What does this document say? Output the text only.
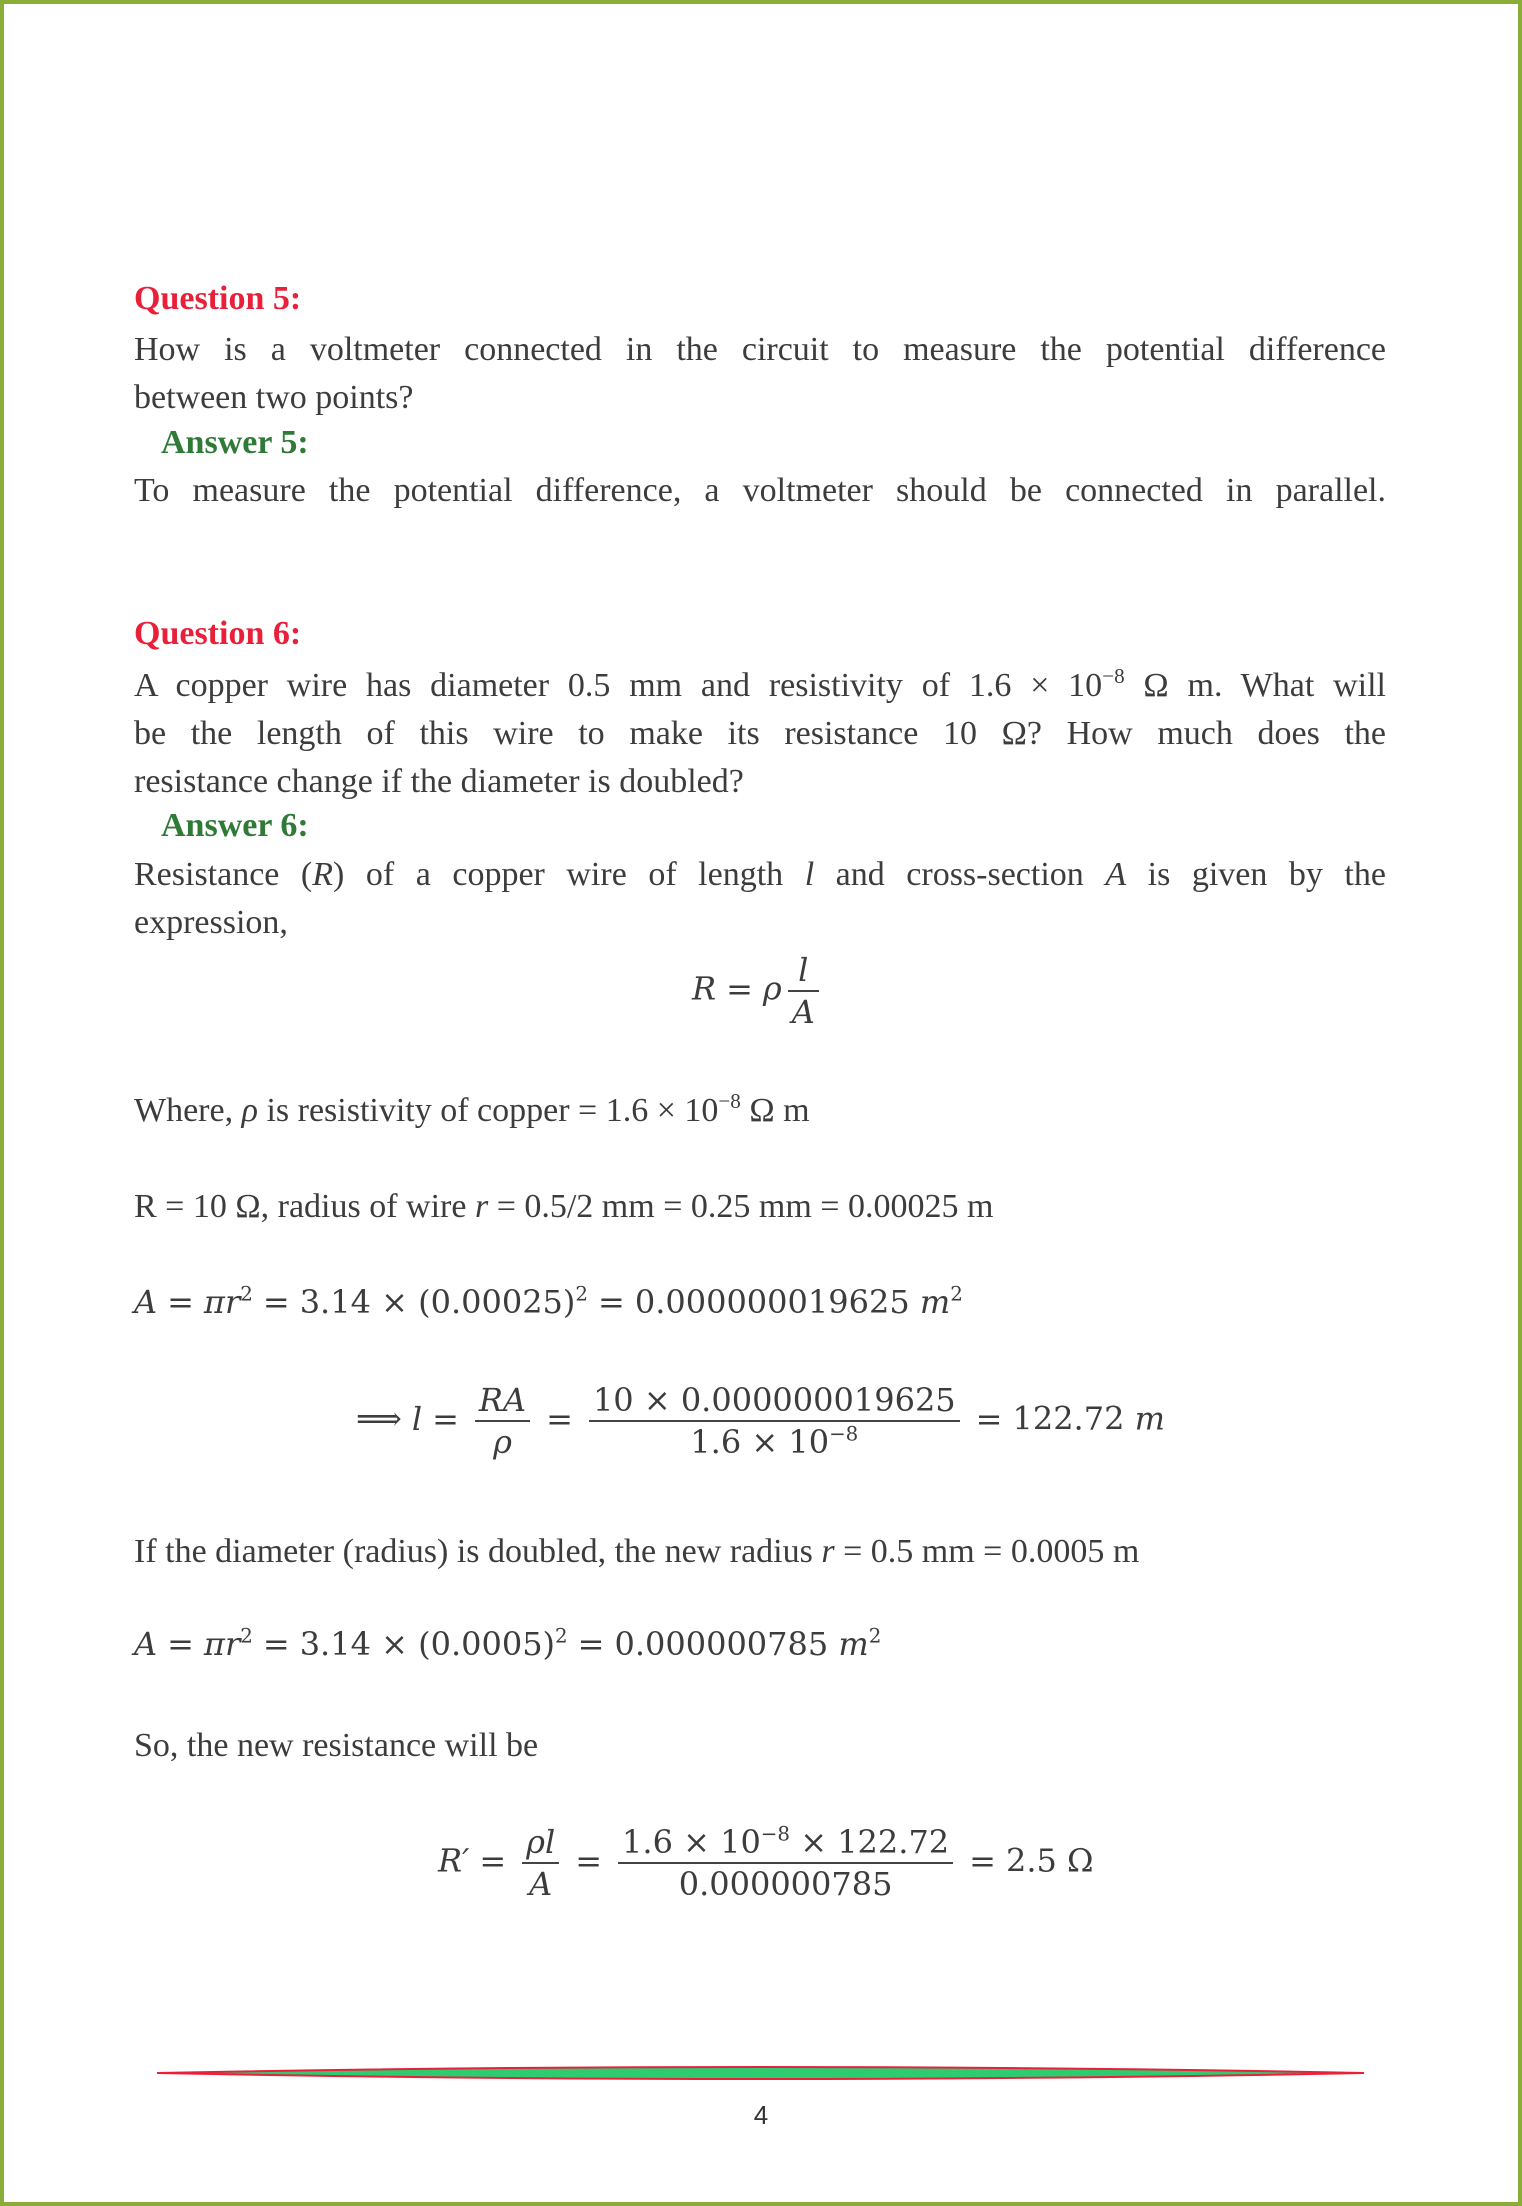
Question 5:
How is a voltmeter connected in the circuit to measure the potential difference
between two points?
Answer 5:
To measure the potential difference, a voltmeter should be connected in parallel.
Question 6:
A copper wire has diameter 0.5 mm and resistivity of $1.6 \times 10^{-8}$ Ω m. What will
be the length of this wire to make its resistance 10 Ω? How much does the
resistance change if the diameter is doubled?
Answer 6:
Resistance (R) of a copper wire of length l and cross-section A is given by the
expression,
R = ρ $\frac{l}{A}$
Where, ρ is resistivity of copper = $1.6 \times 10^{-8}$ Ω m
R = 10 Ω, radius of wire r = 0.5/2 mm = 0.25 mm = 0.00025 m
$A = \pi r^2 = 3.14 \times (0.00025)^2 = 0.000000019625$ $m^2$
⟹ $l = \frac{RA}{\rho} = \frac{10 \times 0.000000019625}{1.6 \times 10^{-8}} = 122.72$ m
If the diameter (radius) is doubled, the new radius r = 0.5 mm = 0.0005 m
$A = \pi r^2 = 3.14 \times (0.0005)^2 = 0.000000785$ $m^2$
So, the new resistance will be
$R' = \frac{\rho l}{A} = \frac{1.6 \times 10^{-8} \times 122.72}{0.000000785} = 2.5$ Ω
4
